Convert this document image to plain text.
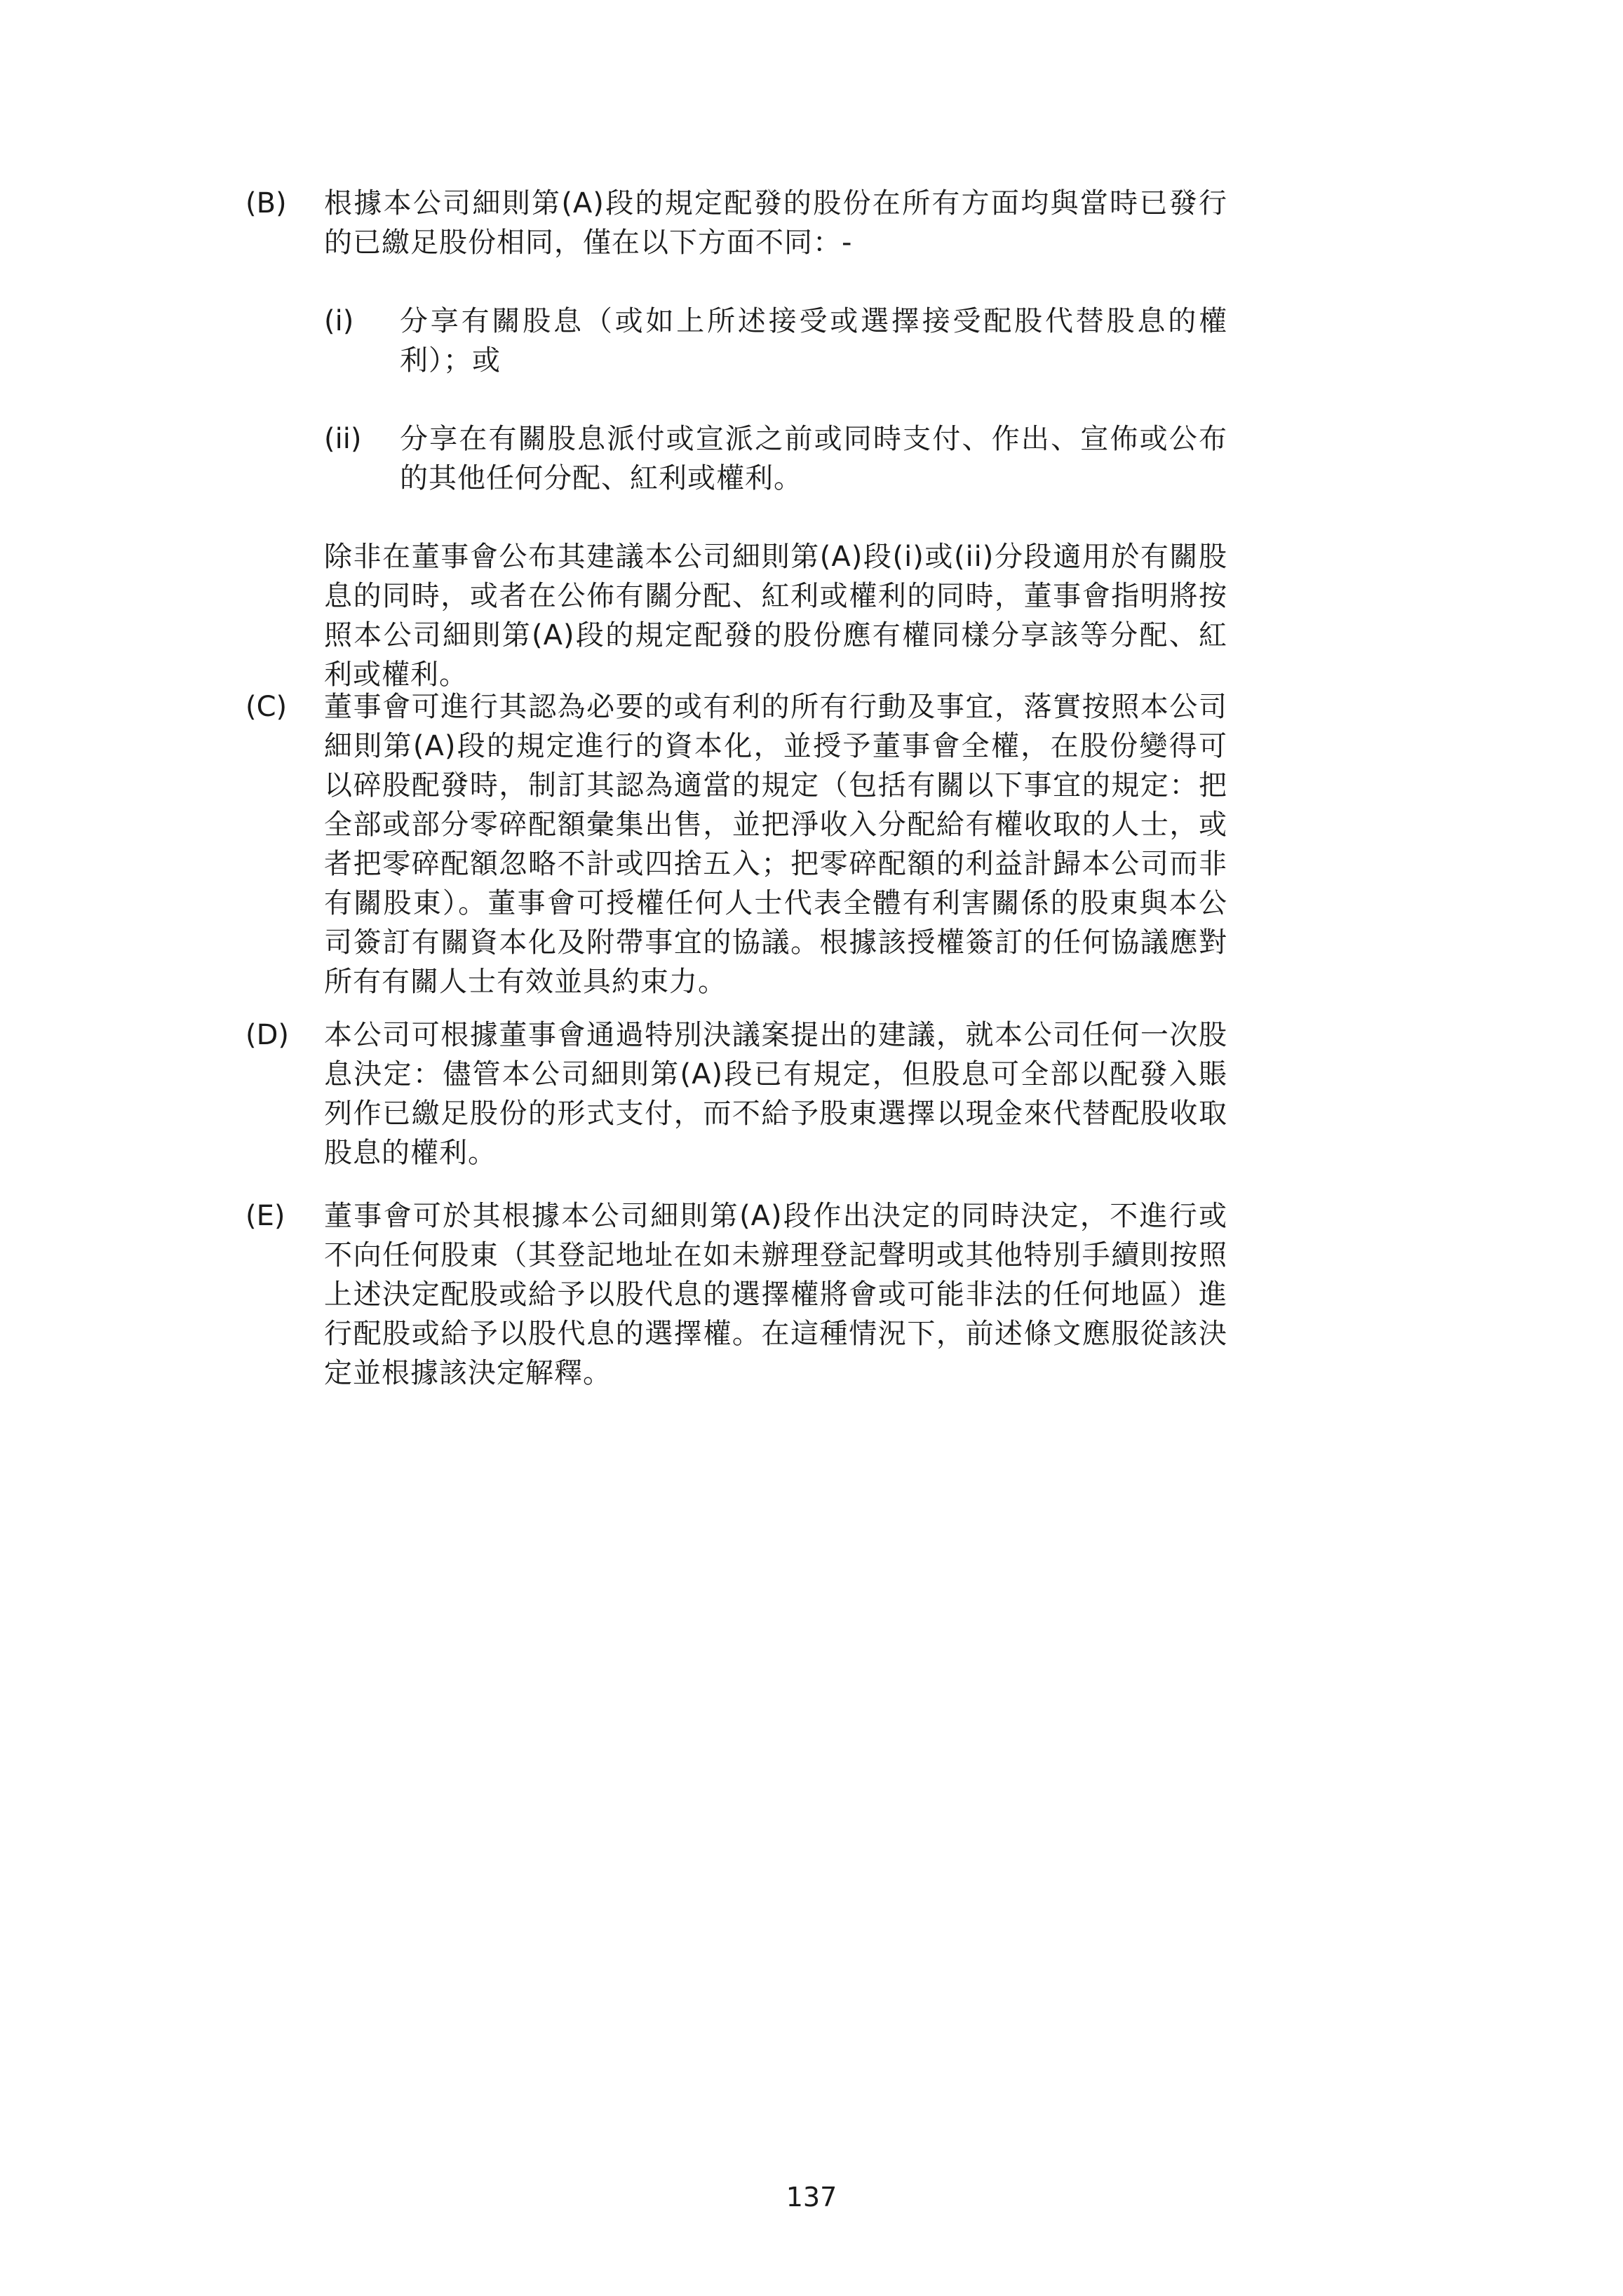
(B) 根據本公司細則第(A)段的規定配發的股份在所有方面均與當時已發行的已繳足股份相同，僅在以下方面不同：-

(i) 分享有關股息（或如上所述接受或選擇接受配股代替股息的權利）；或

(ii) 分享在有關股息派付或宣派之前或同時支付、作出、宣佈或公布的其他任何分配、紅利或權利。

除非在董事會公布其建議本公司細則第(A)段(i)或(ii)分段適用於有關股息的同時，或者在公佈有關分配、紅利或權利的同時，董事會指明將按照本公司細則第(A)段的規定配發的股份應有權同樣分享該等分配、紅利或權利。

(C) 董事會可進行其認為必要的或有利的所有行動及事宜，落實按照本公司細則第(A)段的規定進行的資本化，並授予董事會全權，在股份變得可以碎股配發時，制訂其認為適當的規定（包括有關以下事宜的規定：把全部或部分零碎配額彙集出售，並把淨收入分配給有權收取的人士，或者把零碎配額忽略不計或四捨五入；把零碎配額的利益計歸本公司而非有關股東）。董事會可授權任何人士代表全體有利害關係的股東與本公司簽訂有關資本化及附帶事宜的協議。根據該授權簽訂的任何協議應對所有有關人士有效並具約束力。

(D) 本公司可根據董事會通過特別決議案提出的建議，就本公司任何一次股息決定：儘管本公司細則第(A)段已有規定，但股息可全部以配發入賬列作已繳足股份的形式支付，而不給予股東選擇以現金來代替配股收取股息的權利。

(E) 董事會可於其根據本公司細則第(A)段作出決定的同時決定，不進行或不向任何股東（其登記地址在如未辦理登記聲明或其他特別手續則按照上述決定配股或給予以股代息的選擇權將會或可能非法的任何地區）進行配股或給予以股代息的選擇權。在這種情況下，前述條文應服從該決定並根據該決定解釋。

137
